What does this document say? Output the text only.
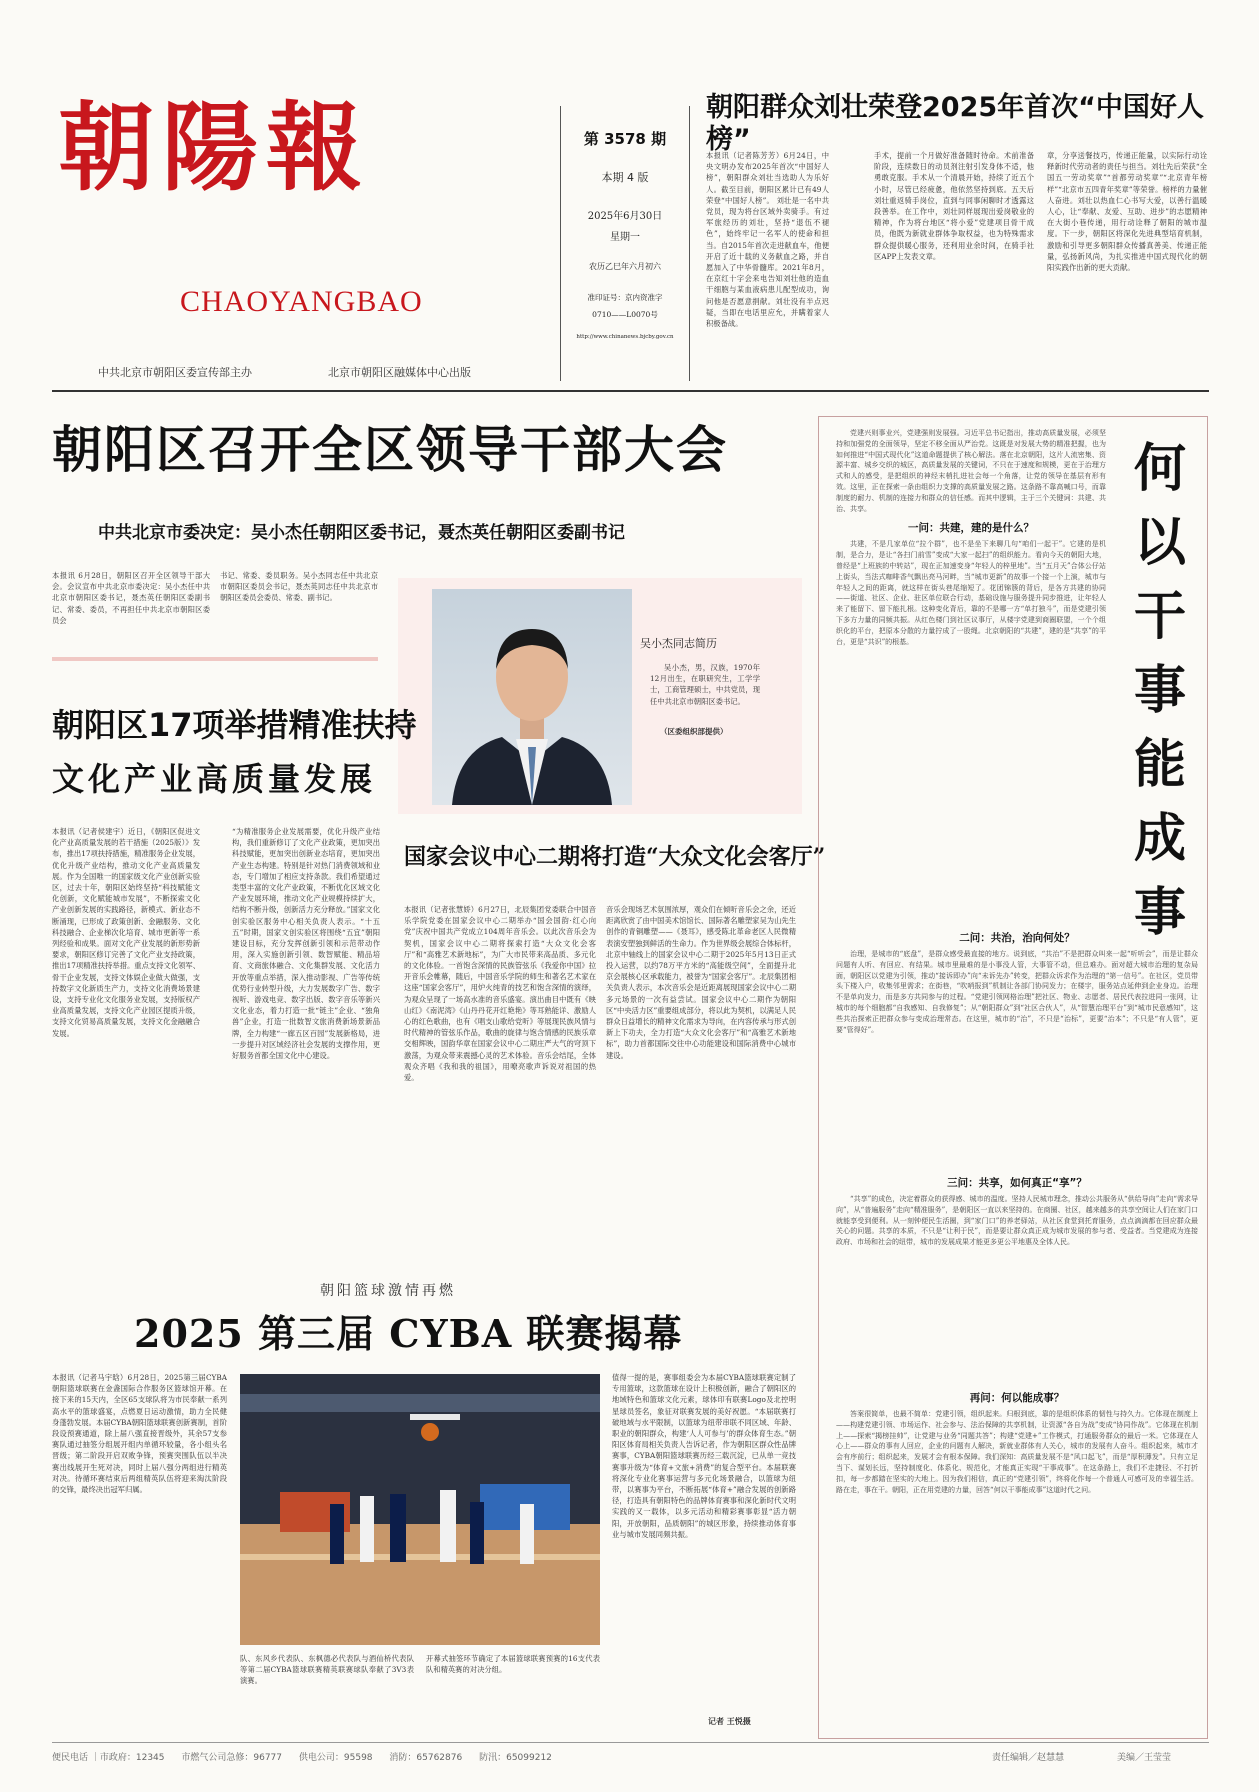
朝陽報
CHAOYANGBAO
中共北京市朝阳区委宣传部主办	北京市朝阳区融媒体中心出版
第 3578 期
本期 4 版
2025年6月30日
星期一
农历乙巳年六月初六
准印证号：京内资准字
0710——L0070号
http://www.chinanews.bjcby.gov.cn
朝阳群众刘壮荣登2025年首次“中国好人榜”
本报讯（记者陈芳芳）6月24日，中央文明办发布2025年首次“中国好人榜”，朝阳群众刘壮当选助人为乐好人。截至目前，朝阳区累计已有49人荣登“中国好人榜”。 刘壮是一名中共党员，现为将台区域外卖骑手。有过军旅经历的刘壮，坚持“退伍不褪色”，始终牢记一名军人的使命和担当。自2015年首次走进献血车，他便开启了近十载的义务献血之路，并自愿加入了中华骨髓库。2021年8月，在京红十字会来电告知刘壮他的造血干细胞与某血液病患儿配型成功，询问他是否愿意捐献。刘壮没有半点迟疑，当即在电话里应允，并瞒着家人积极备战。
手术，提前一个月做好准备随时待命。术前准备阶段，连续数日的动员剂注射引发身体不适，他勇敢克服。手术从一个清晨开始，持续了近五个小时，尽管已经疲惫，他依然坚持到底。五天后刘壮重返骑手岗位，直到与同事闲聊时才透露这段善举。在工作中，刘壮同样展现出爱岗敬业的精神，作为将台地区“将小爱”党建项目骨干成员，他既为新就业群体争取权益，也为特殊需求群众提供暖心服务，还利用业余时间，在骑手社区APP上发表文章。
章，分享送餐技巧，传递正能量，以实际行动诠释新时代劳动者的责任与担当。刘壮先后荣获“全国五一劳动奖章”“首都劳动奖章”“北京青年榜样”“北京市五四青年奖章”等荣誉。榜样的力量催人奋进。刘壮以热血仁心书写大爱，以善行温暖人心，让“奉献、友爱、互助、进步”的志愿精神在大街小巷传递，用行动诠释了朝阳的城市温度。下一步，朝阳区将深化先进典型培育机制，激励和引导更多朝阳群众传播真善美、传递正能量，弘扬新风尚，为扎实推进中国式现代化的朝阳实践作出新的更大贡献。
朝阳区召开全区领导干部大会
中共北京市委决定：吴小杰任朝阳区委书记，聂杰英任朝阳区委副书记
本报讯 6月28日，朝阳区召开全区领导干部大会。会议宣布中共北京市委决定：吴小杰任中共北京市朝阳区委书记，聂杰英任朝阳区委副书记、常委、委员，不再担任中共北京市朝阳区委员会
书记、常委、委员职务。吴小杰同志任中共北京市朝阳区委员会书记，聂杰英同志任中共北京市朝阳区委员会委员、常委、副书记。
吴小杰同志简历
吴小杰，男，汉族，1970年12月出生，在职研究生，工学学士，工商管理硕士，中共党员，现任中共北京市朝阳区委书记。
（区委组织部提供）
朝阳区17项举措精准扶持
文化产业高质量发展
本报讯（记者侯建宇）近日，《朝阳区促进文化产业高质量发展的若干措施（2025版）》发布，推出17项扶持措施，精准服务企业发展，优化升级产业结构，推动文化产业高质量发展。作为全国唯一的国家级文化产业创新实验区，过去十年，朝阳区始终坚持“科技赋能文化创新，文化赋能城市发展”，不断探索文化产业创新发展的实践路径，新模式、新业态不断涌现，已形成了政策创新、金融服务、文化科技融合、企业梯次化培育、城市更新等一系列经验和成果。面对文化产业发展的新形势新要求，朝阳区修订完善了文化产业支持政策，推出17项精准扶持举措。重点支持文化领军、骨干企业发展，支持文体娱企业做大做强，支持数字文化新质生产力，支持文化消费场景建设，支持专业化文化服务业发展，支持版权产业高质量发展，支持文化产业园区提质升级，支持文化贸易高质量发展，支持文化金融融合发展。
“为精准服务企业发展需要，优化升级产业结构，我们重新修订了文化产业政策，更加突出科技赋能，更加突出创新业态培育，更加突出产业生态构建。特别是针对热门消费领域和业态，专门增加了相应支持条款。我们希望通过类型丰富的文化产业政策，不断优化区域文化产业发展环境，推动文化产业规模持续扩大，结构不断升级，创新活力充分释放。”国家文化创实验区服务中心相关负责人表示。“十五五”时期，国家文创实验区将围绕“五宜”朝阳建设目标，充分发挥创新引领和示范带动作用，深入实施创新引领、数智赋能、精品培育、文商旅体融合、文化集群发展、文化活力开放等重点举措，深入推动影视、广告等传统优势行业转型升级，大力发展数字广告、数字视听、游戏电竞、数字出版、数字音乐等新兴文化业态，着力打造一批“链主”企业、“独角兽”企业，打造一批数智文旅消费新场景新品牌，全力构建“一廊五区百园”发展新格局，进一步提升对区域经济社会发展的支撑作用，更好服务首都全国文化中心建设。
国家会议中心二期将打造“大众文化会客厅”
本报讯（记者张慧娇）6月27日，北辰集团党委联合中国音乐学院党委在国家会议中心二期举办“国会国韵·红心向党”庆祝中国共产党成立104周年音乐会。以此次音乐会为契机，国家会议中心二期将探索打造“大众文化会客厅”和“高雅艺术新地标”，为广大市民带来高品质、多元化的文化体验。一首饱含深情的民族管弦乐《我爱你中国》拉开音乐会帷幕，随后，中国音乐学院的师生和著名艺术家在这座“国家会客厅”，用炉火纯青的技艺和饱含深情的演绎，为观众呈现了一场高水准的音乐盛宴。演出曲目中既有《映山红》《南泥湾》《山丹丹花开红艳艳》等耳熟能详、激励人心的红色歌曲，也有《唱支山歌给党听》等展现民族风情与时代精神的管弦乐作品，歌曲的旋律与饱含情感的民族乐章交相辉映，国韵华章在国家会议中心二期庄严大气的穹顶下激荡，为观众带来震撼心灵的艺术体验。音乐会结尾，全体观众齐唱《我和我的祖国》，用嘹亮歌声诉说对祖国的热爱。
音乐会现场艺术氛围浓厚，观众们在倾听音乐会之余，还近距离欣赏了由中国美术馆馆长、国际著名雕塑家吴为山先生创作的青铜雕塑——《聂耳》，感受陈北革命老区人民微精表演安塑独到鲜活的生命力。作为世界级会展综合体标杆，北京中轴线上的国家会议中心二期于2025年5月13日正式投入运营，以约78万平方米的“高能级空间”，全面提升北京会展核心区承载能力，被誉为“国家会客厅”。北辰集团相关负责人表示，本次音乐会是近距离展现国家会议中心二期多元场景的一次有益尝试。国家会议中心二期作为朝阳区“中央活力区”重要组成部分，将以此为契机，以满足人民群众日益增长的精神文化需求为导向，在内容传承与形式创新上下功夫，全力打造“大众文化会客厅”和“高雅艺术新地标”，助力首都国际交往中心功能建设和国际消费中心城市建设。
朝阳篮球激情再燃
2025 第三届 CYBA 联赛揭幕
本报讯（记者马宇晗）6月28日，2025第三届CYBA朝阳篮球联赛在金盏国际合作服务区篮球馆开幕。在接下来的15天内，全区65支球队将为市民奉献一系列高水平的篮球盛宴，点燃夏日运动激情，助力全民健身蓬勃发展。本届CYBA朝阳篮球联赛创新赛制，首阶段设预赛通道，除上届八强直接晋级外，其余57支参赛队通过抽签分组展开组内单循环较量，各小组头名晋级；第二阶段开启双败争锋，预赛突围队伍以半决赛出线展开生死对决，同时上届八强分两组进行精英对决。待循环赛结束后两组精英队伍将迎来淘汰阶段的交锋，最终决出冠军归属。
队、东风乡代表队、东枫德必代表队与酒仙桥代表队等第二届CYBA篮球联赛精英联赛球队奉献了3V3表演赛。
开幕式抽签环节确定了本届篮球联赛预赛的16支代表队和精英赛的对决分组。
值得一提的是，赛事组委会为本届CYBA篮球联赛定制了专用篮球，这款篮球在设计上积极创新，融合了朝阳区的地域特色和篮球文化元素，球体印有联赛Logo及北控明星球员签名，象征对联赛发展的美好祝愿。“本届联赛打破地域与水平限制，以篮球为纽带串联不同区域、年龄、职业的朝阳群众，构建‘人人可参与’的群众体育生态。”朝阳区体育局相关负责人告诉记者，作为朝阳区群众性品牌赛事，CYBA朝阳篮球联赛历经三载沉淀，已从单一竞技赛事升级为“体育+文旅+消费”的复合型平台。本届联赛将深化专业化赛事运营与多元化场景融合，以篮球为纽带，以赛事为平台，不断拓展“体育+”融合发展的创新路径，打造具有朝阳特色的品牌体育赛事和深化新时代文明实践的又一载体，以多元活动和精彩赛事彰显“活力朝阳，开放朝阳，品质朝阳”的城区形象，持续推动体育事业与城市发展同频共振。
记者 王悦摄
何
以
干
事
能
成
事

党建兴则事业兴，党建强则发展强。习近平总书记指出，推动高质量发展，必须坚持和加强党的全面领导，坚定不移全面从严治党。这既是对发展大势的精准把握，也为如何推进“中国式现代化”这道命题提供了核心解法。落在北京朝阳，这片人流密集、资源丰富、城乡交织的城区，高质量发展的关键词，不只在于速度和规模，更在于治理方式和人的感受，是把组织的神经末梢扎进社会每一个角落，让党的领导在基层有形有效。这里，正在探索一条由组织力支撑的高质量发展之路。这条路不靠高喊口号，而靠制度的耐力、机制的连接力和群众的信任感。而其中逻辑，主于三个关键词：共建、共治、共享。

一问：共建，建的是什么？

共建，不是几家单位“拉个群”，也不是坐下来聊几句“咱们一起干”。它建的是机制，是合力，是让“各扫门前雪”变成“大家一起扫”的组织能力。看向今天的朝阳大地，曾经是“上班族的中转站”，现在正加速变身“年轻人的梓里地”。当“五月天”合体公仔站上街头，当法式咖啡香气飘出亮马河畔，当“城市更新”的故事一个接一个上演，城市与年轻人之间的距离，就这样在街头巷尾缩短了。花团锦簇的背后，是各方共建的协同——街道、社区、企业、驻区单位联合行动，基础设施与服务提升同步推进，让年轻人来了能留下、留下能扎根。这种变化背后，靠的不是哪一方“单打独斗”，而是党建引领下多方力量的同频共振。从红色楼门到社区议事厅，从楼宇党建到商圈联盟，一个个组织化的平台，把原本分散的力量拧成了一股绳。北京朝阳的“共建”，建的是“共享”的平台，更是“共识”的根基。

二问：共治，治向何处？

治理，是城市的“底盘”，是群众感受最直接的地方。说到底，“共治”不是把群众叫来一起“听听会”，而是让群众问题有人听、有回应、有结果。城市里最难的是小事没人管，大事管不动，但总难办。面对超大城市治理的复杂局面，朝阳区以党建为引领，推动“接诉即办”向“未诉先办”转变，把群众诉求作为治理的“第一信号”。在社区，党员带头下楼入户，收集邻里需求；在街巷，“吹哨报到”机制让各部门协同发力；在楼宇，服务站点延伸到企业身边。治理不是单向发力，而是多方共同参与的过程。“党建引领网格治理”把社区、物业、志愿者、居民代表拉进同一张网，让城市的每个细胞都“自我感知、自我修复”；从“朝阳群众”到“社区合伙人”，从“智慧治理平台”到“城市民意感知”，这些共治探索正把群众参与变成治理常态。在这里，城市的“治”，不只是“治标”，更要“治本”；不只是“有人管”，更要“管得好”。

三问：共享，如何真正“享”？

“共享”的成色，决定着群众的获得感、城市的温度。坚持人民城市理念，推动公共服务从“供给导向”走向“需求导向”，从“普遍服务”走向“精准服务”，是朝阳区一直以来坚持的。在商圈、社区，越来越多的共享空间让人们在家门口就能享受到便利。从一刻钟便民生活圈，到“家门口”的养老驿站，从社区食堂到托育服务，点点滴滴都在回应群众最关心的问题。共享的本质，不只是“让利于民”，而是要让群众真正成为城市发展的参与者、受益者。当党建成为连接政府、市场和社会的纽带，城市的发展成果才能更多更公平地惠及全体人民。

再问：何以能成事？

答案很简单，也最不简单：党建引领，组织起来。归根到底，靠的是组织体系的韧性与持久力。它体现在制度上——构建党建引领、市场运作、社会参与、法治保障的共享机制，让资源“各自为战”变成“协同作战”。它体现在机制上——探索“揭榜挂帅”，让党建与业务“同题共答”；构建“党建+”工作模式，打通服务群众的最后一米。它体现在人心上——群众的事有人回应，企业的问题有人解决，新就业群体有人关心，城市的发展有人奋斗。组织起来，城市才会有序前行；组织起来，发展才会有根本保障。我们深知：高质量发展不是“风口起飞”，而是“厚积薄发”。只有立足当下、谋划长远，坚持制度化、体系化、规范化，才能真正实现“干事成事”。在这条路上，我们不走捷径、不打折扣，每一步都踏在坚实的大地上。因为我们相信，真正的“党建引领”，终将化作每一个普通人可感可及的幸福生活。路在走，事在干。朝阳，正在用党建的力量，回答“何以干事能成事”这道时代之问。

便民电话 ｜市政府：12345 市燃气公司急修：96777 供电公司：95598 消防：65762876 防汛：65099212	责任编辑／赵慧慧	美编／王莹莹
